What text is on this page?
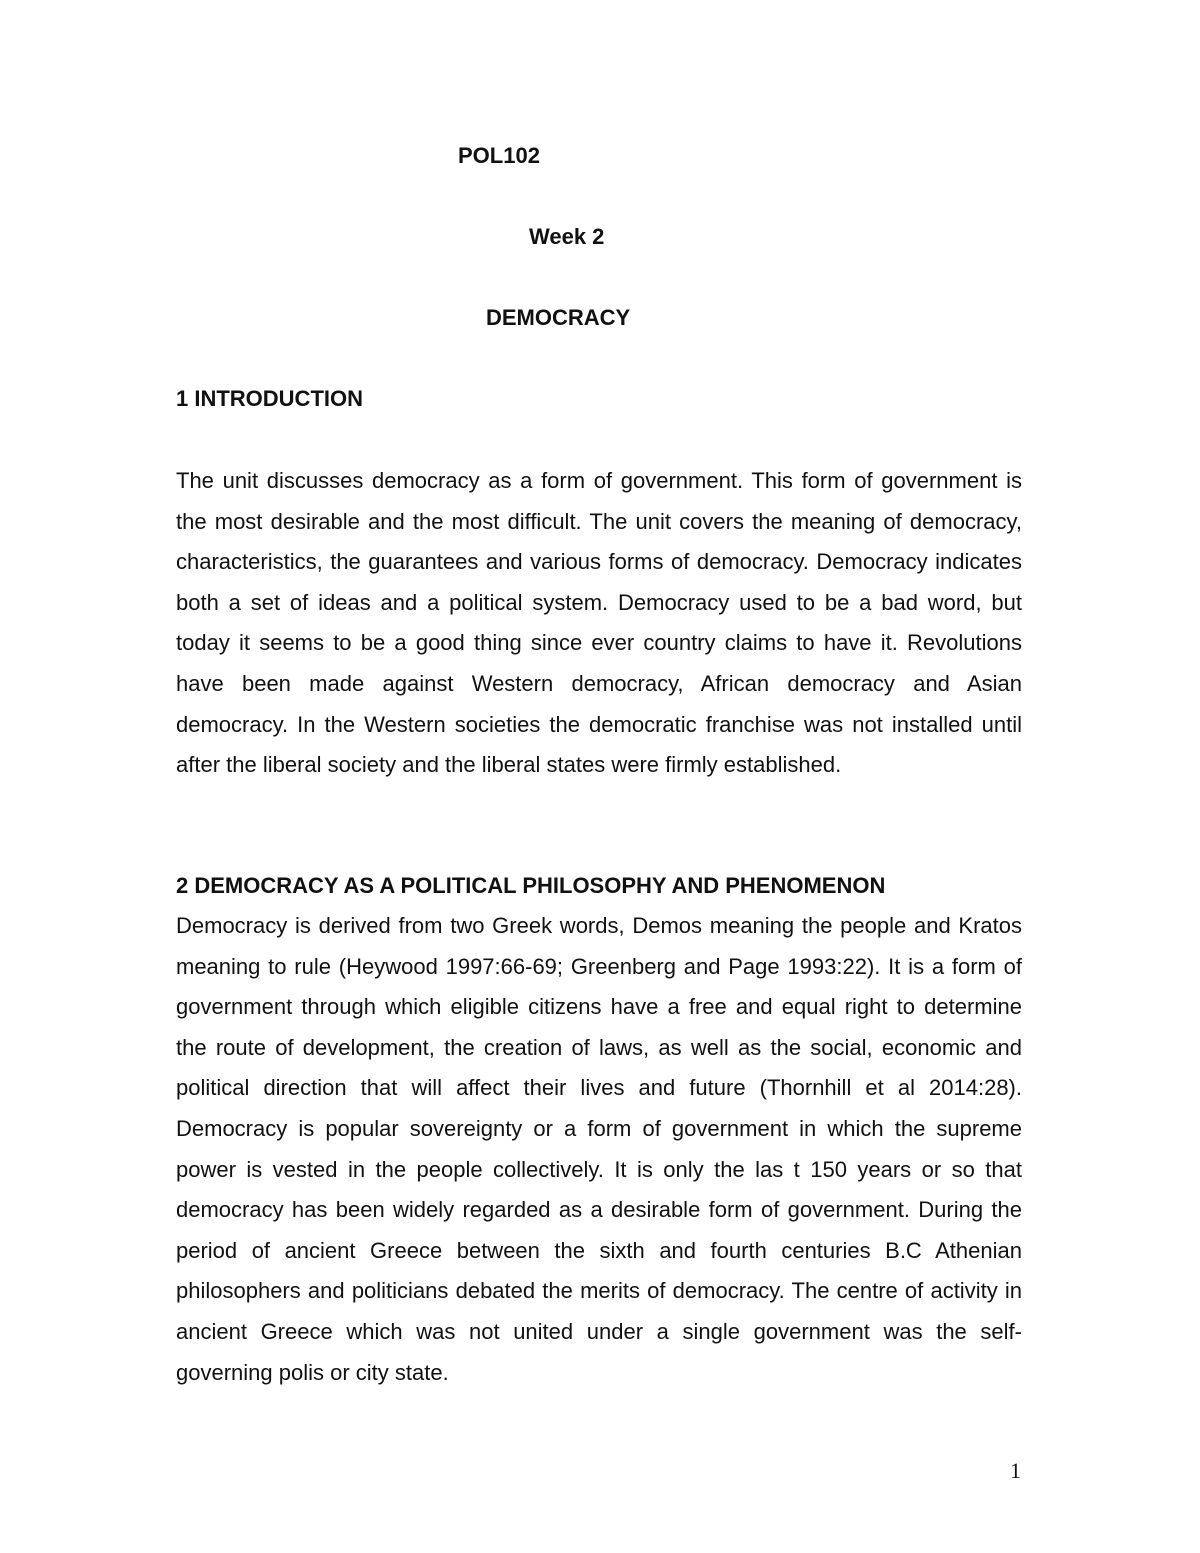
POL102
Week 2
DEMOCRACY
1 INTRODUCTION

The unit discusses democracy as a form of government. This form of government is the most desirable and the most difficult. The unit covers the meaning of democracy, characteristics, the guarantees and various forms of democracy. Democracy indicates both a set of ideas and a political system. Democracy used to be a bad word, but today it seems to be a good thing since ever country claims to have it. Revolutions have been made against Western democracy, African democracy and Asian democracy. In the Western societies the democratic franchise was not installed until after the liberal society and the liberal states were firmly established.

2 DEMOCRACY AS A POLITICAL PHILOSOPHY AND PHENOMENON

Democracy is derived from two Greek words, Demos meaning the people and Kratos meaning to rule (Heywood 1997:66-69; Greenberg and Page 1993:22). It is a form of government through which eligible citizens have a free and equal right to determine the route of development, the creation of laws, as well as the social, economic and political direction that will affect their lives and future (Thornhill et al 2014:28). Democracy is popular sovereignty or a form of government in which the supreme power is vested in the people collectively. It is only the las t 150 years or so that democracy has been widely regarded as a desirable form of government. During the period of ancient Greece between the sixth and fourth centuries B.C Athenian philosophers and politicians debated the merits of democracy. The centre of activity in ancient Greece which was not united under a single government was the self-governing polis or city state.

1
